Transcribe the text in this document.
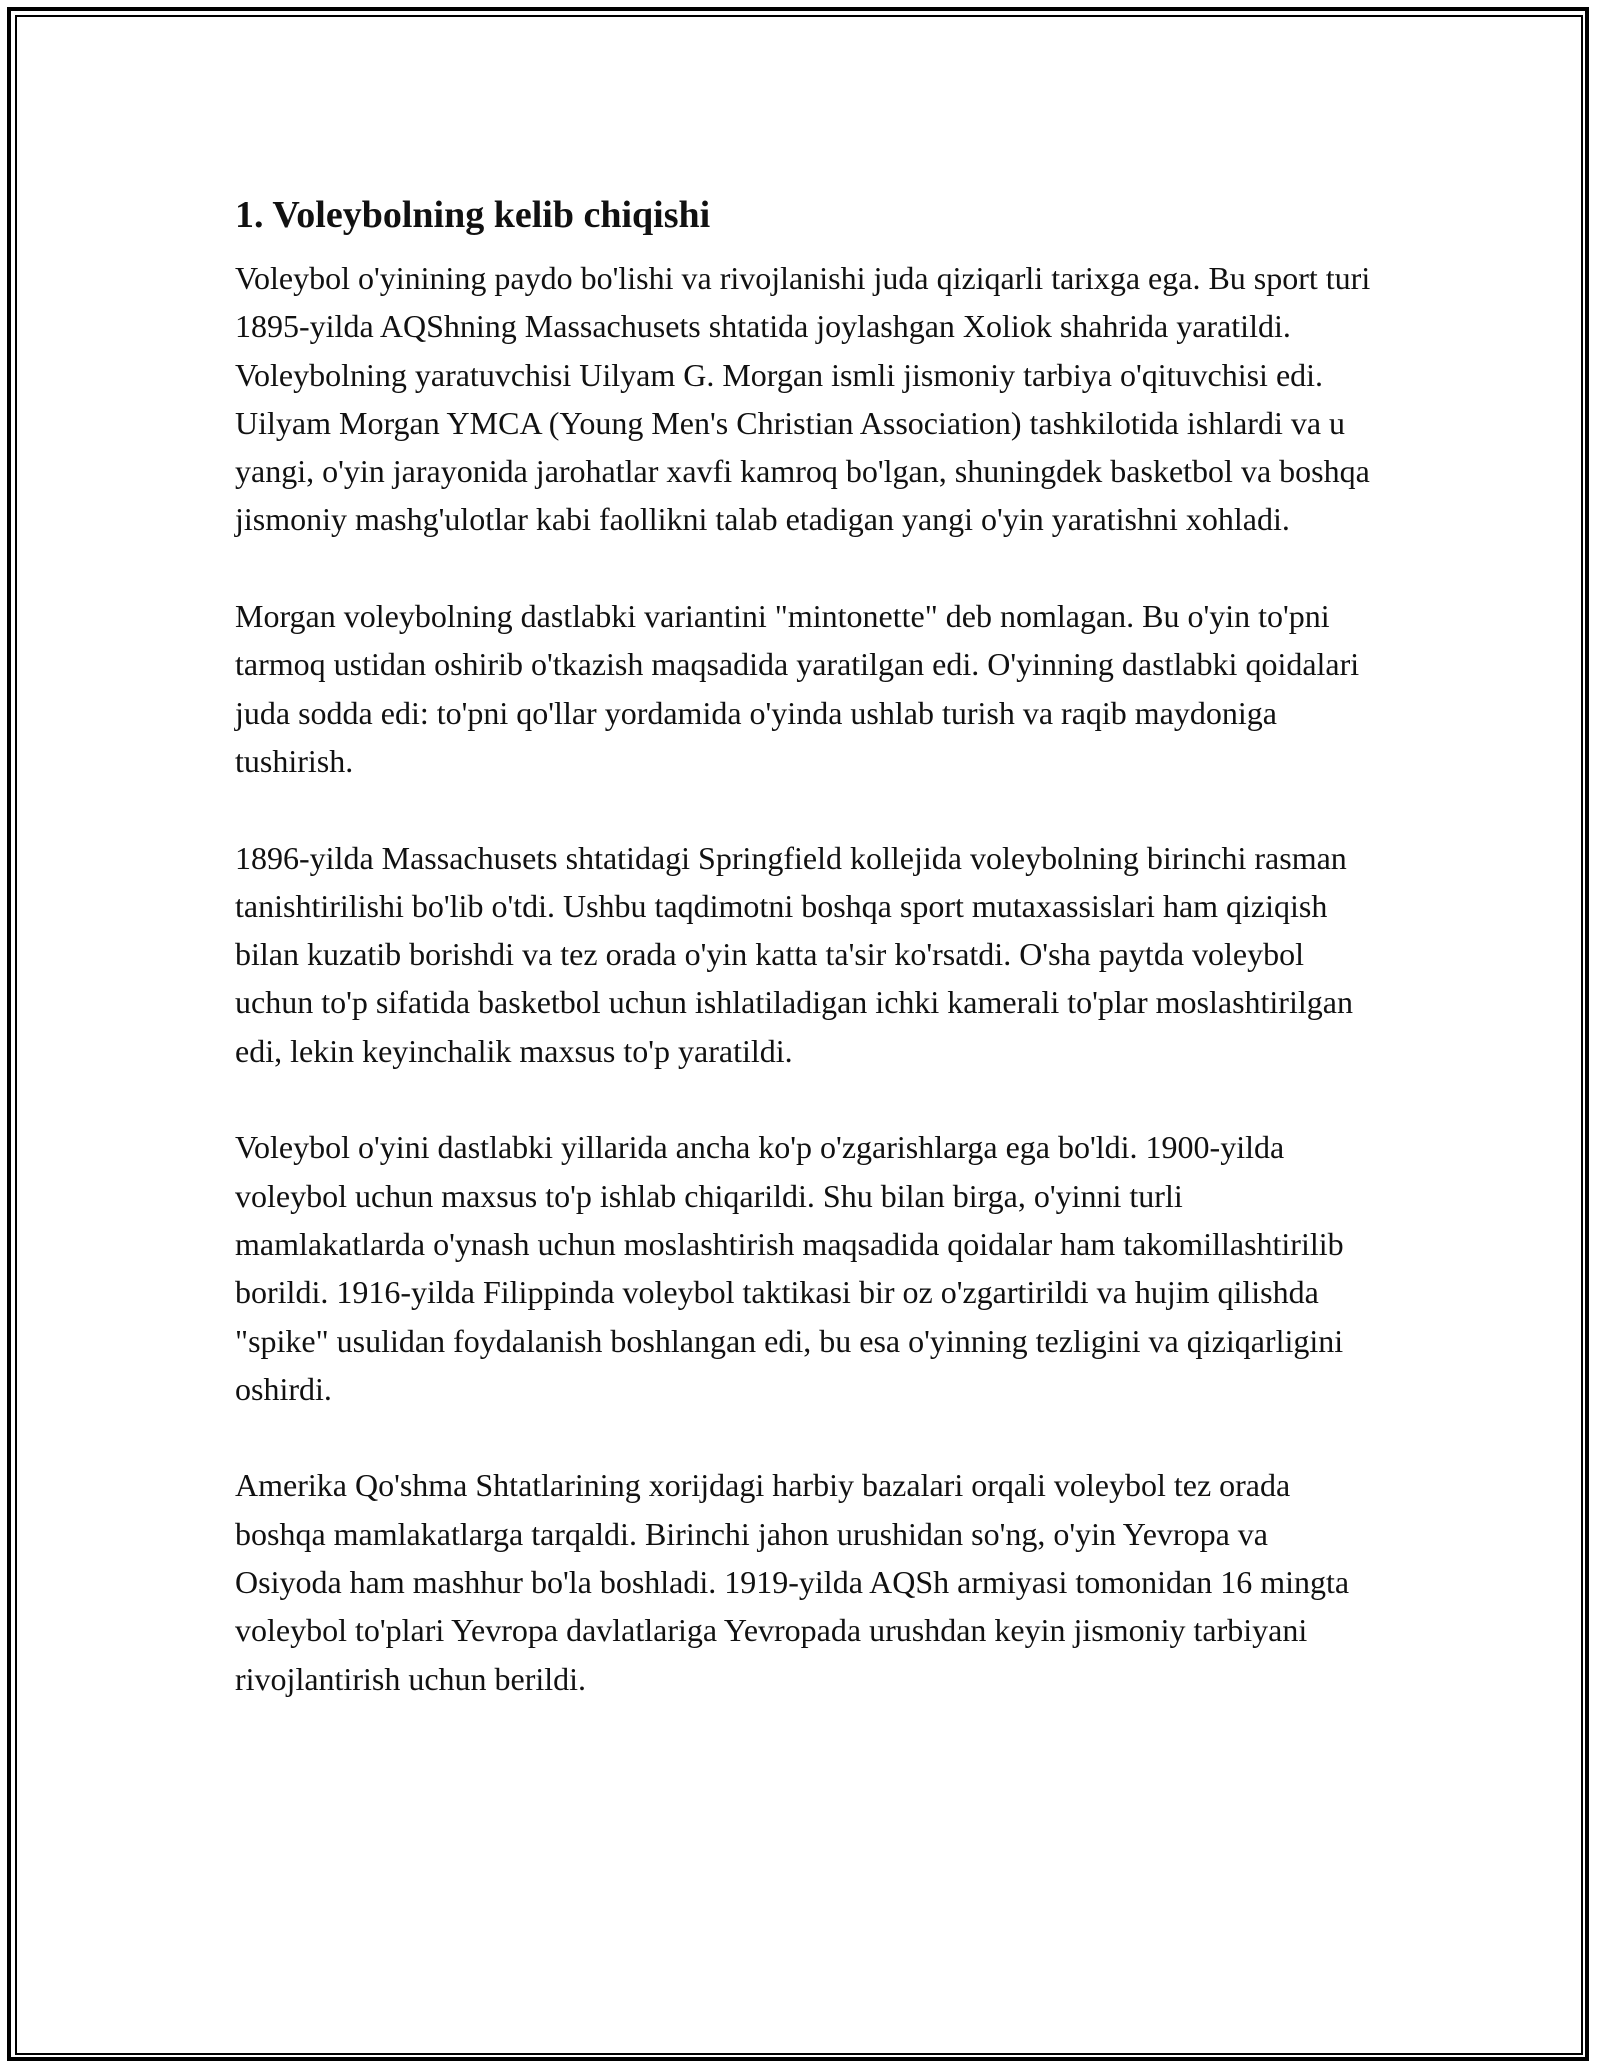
1. Voleybolning kelib chiqishi

Voleybol o'yinining paydo bo'lishi va rivojlanishi juda qiziqarli tarixga ega. Bu sport turi 1895-yilda AQShning Massachusets shtatida joylashgan Xoliok shahrida yaratildi. Voleybolning yaratuvchisi Uilyam G. Morgan ismli jismoniy tarbiya o'qituvchisi edi. Uilyam Morgan YMCA (Young Men's Christian Association) tashkilotida ishlardi va u yangi, o'yin jarayonida jarohatlar xavfi kamroq bo'lgan, shuningdek basketbol va boshqa jismoniy mashg'ulotlar kabi faollikni talab etadigan yangi o'yin yaratishni xohladi.

Morgan voleybolning dastlabki variantini "mintonette" deb nomlagan. Bu o'yin to'pni tarmoq ustidan oshirib o'tkazish maqsadida yaratilgan edi. O'yinning dastlabki qoidalari juda sodda edi: to'pni qo'llar yordamida o'yinda ushlab turish va raqib maydoniga tushirish.

1896-yilda Massachusets shtatidagi Springfield kollejida voleybolning birinchi rasman tanishtirilishi bo'lib o'tdi. Ushbu taqdimotni boshqa sport mutaxassislari ham qiziqish bilan kuzatib borishdi va tez orada o'yin katta ta'sir ko'rsatdi. O'sha paytda voleybol uchun to'p sifatida basketbol uchun ishlatiladigan ichki kamerali to'plar moslashtirilgan edi, lekin keyinchalik maxsus to'p yaratildi.

Voleybol o'yini dastlabki yillarida ancha ko'p o'zgarishlarga ega bo'ldi. 1900-yilda voleybol uchun maxsus to'p ishlab chiqarildi. Shu bilan birga, o'yinni turli mamlakatlarda o'ynash uchun moslashtirish maqsadida qoidalar ham takomillashtirilib borildi. 1916-yilda Filippinda voleybol taktikasi bir oz o'zgartirildi va hujim qilishda "spike" usulidan foydalanish boshlangan edi, bu esa o'yinning tezligini va qiziqarligini oshirdi.

Amerika Qo'shma Shtatlarining xorijdagi harbiy bazalari orqali voleybol tez orada boshqa mamlakatlarga tarqaldi. Birinchi jahon urushidan so'ng, o'yin Yevropa va Osiyoda ham mashhur bo'la boshladi. 1919-yilda AQSh armiyasi tomonidan 16 mingta voleybol to'plari Yevropa davlatlariga Yevropada urushdan keyin jismoniy tarbiyani rivojlantirish uchun berildi.
